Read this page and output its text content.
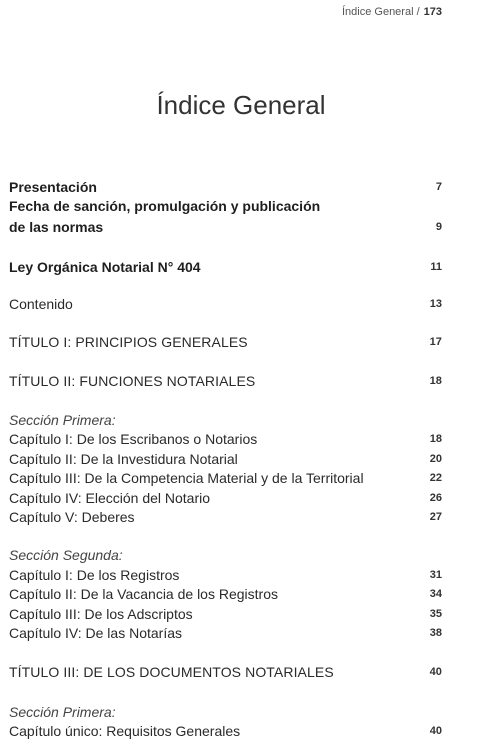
Índice General / 173
Índice General
Presentación	7
Fecha de sanción, promulgación y publicación
de las normas	9
Ley Orgánica Notarial N° 404	11
Contenido	13
TÍTULO I: PRINCIPIOS GENERALES	17
TÍTULO II: FUNCIONES NOTARIALES	18
Sección Primera:
Capítulo I: De los Escribanos o Notarios	18
Capítulo II: De la Investidura Notarial	20
Capítulo III: De la Competencia Material y de la Territorial	22
Capítulo IV: Elección del Notario	26
Capítulo V: Deberes	27
Sección Segunda:
Capítulo I: De los Registros	31
Capítulo II: De la Vacancia de los Registros	34
Capítulo III: De los Adscriptos	35
Capítulo IV: De las Notarías	38
TÍTULO III: DE LOS DOCUMENTOS NOTARIALES	40
Sección Primera:
Capítulo único: Requisitos Generales	40
